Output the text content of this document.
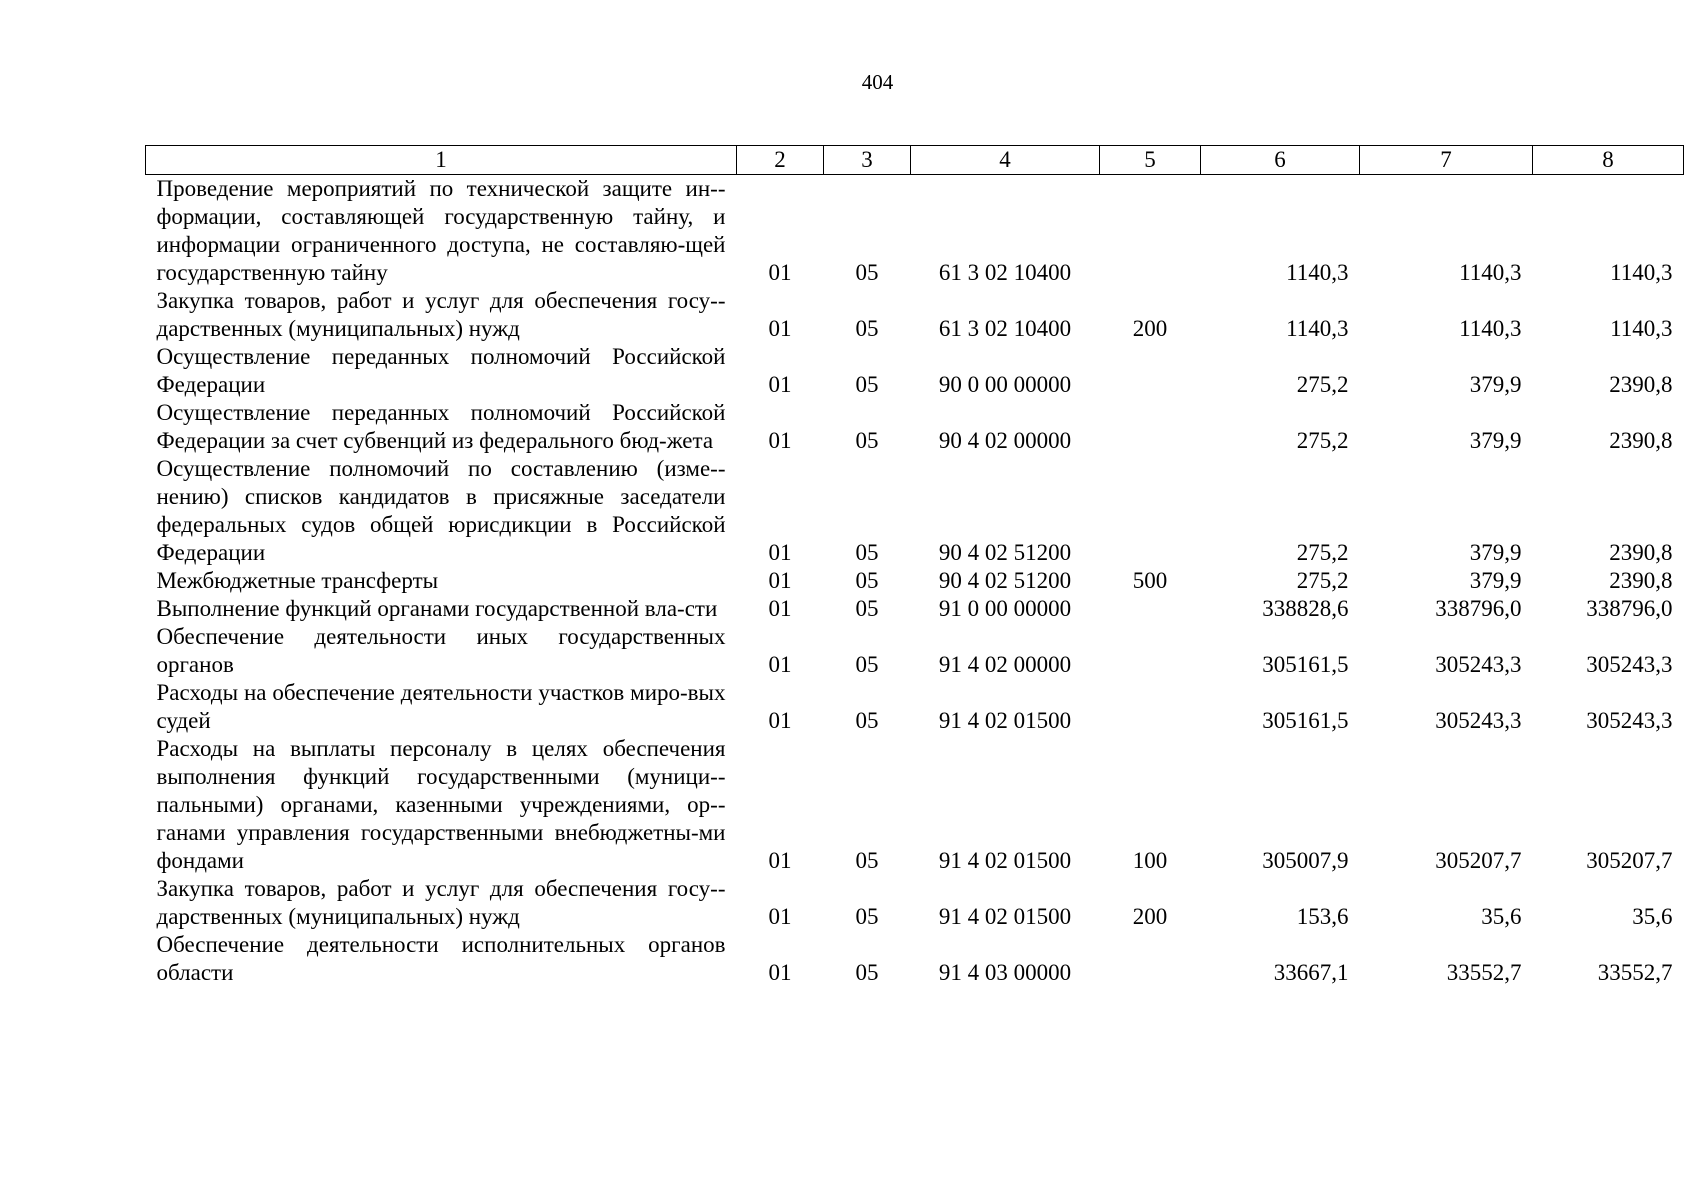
404
1	2	3	4	5	6	7	8
Проведение мероприятий по технической защите ин-формации, составляющей государственную тайну, и информации ограниченного доступа, не составляю-щей государственную тайну	01	05	61 3 02 10400		1140,3	1140,3	1140,3
Закупка товаров, работ и услуг для обеспечения госу-дарственных (муниципальных) нужд	01	05	61 3 02 10400	200	1140,3	1140,3	1140,3
Осуществление переданных полномочий Российской Федерации	01	05	90 0 00 00000		275,2	379,9	2390,8
Осуществление переданных полномочий Российской Федерации за счет субвенций из федерального бюд-жета	01	05	90 4 02 00000		275,2	379,9	2390,8
Осуществление полномочий по составлению (изме-нению) списков кандидатов в присяжные заседатели федеральных судов общей юрисдикции в Российской Федерации	01	05	90 4 02 51200		275,2	379,9	2390,8
Межбюджетные трансферты	01	05	90 4 02 51200	500	275,2	379,9	2390,8
Выполнение функций органами государственной вла-сти	01	05	91 0 00 00000		338828,6	338796,0	338796,0
Обеспечение деятельности иных государственных органов	01	05	91 4 02 00000		305161,5	305243,3	305243,3
Расходы на обеспечение деятельности участков миро-вых судей	01	05	91 4 02 01500		305161,5	305243,3	305243,3
Расходы на выплаты персоналу в целях обеспечения выполнения функций государственными (муници-пальными) органами, казенными учреждениями, ор-ганами управления государственными внебюджетны-ми фондами	01	05	91 4 02 01500	100	305007,9	305207,7	305207,7
Закупка товаров, работ и услуг для обеспечения госу-дарственных (муниципальных) нужд	01	05	91 4 02 01500	200	153,6	35,6	35,6
Обеспечение деятельности исполнительных органов области	01	05	91 4 03 00000		33667,1	33552,7	33552,7
